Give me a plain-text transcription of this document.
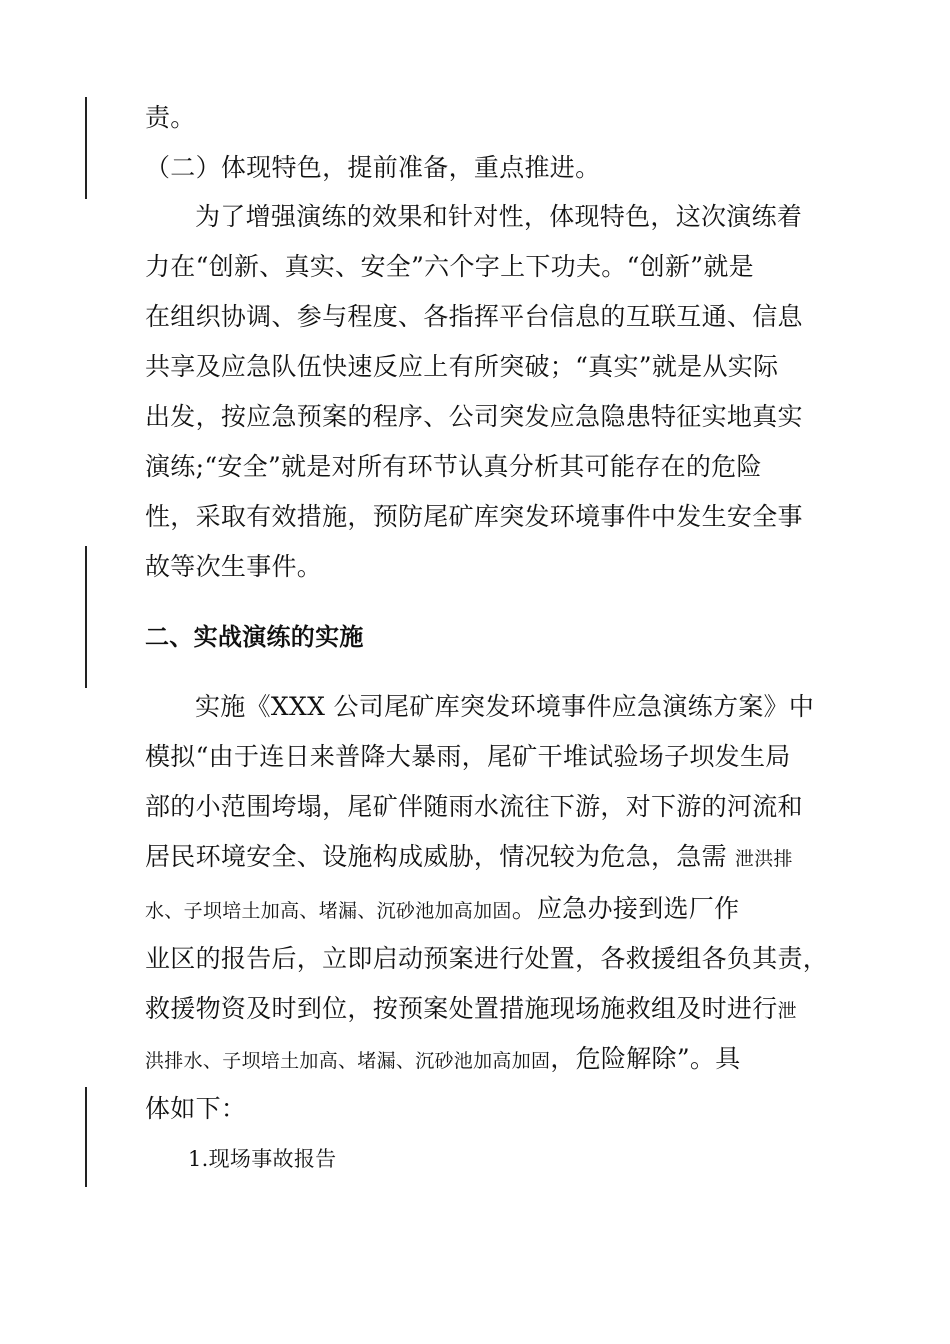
责。
（二）体现特色，提前准备，重点推进。
为了增强演练的效果和针对性，体现特色，这次演练着
力在“创新、真实、安全”六个字上下功夫。“创新”就是
在组织协调、参与程度、各指挥平台信息的互联互通、信息
共享及应急队伍快速反应上有所突破；“真实”就是从实际
出发，按应急预案的程序、公司突发应急隐患特征实地真实
演练;“安全”就是对所有环节认真分析其可能存在的危险
性，采取有效措施，预防尾矿库突发环境事件中发生安全事
故等次生事件。
二、实战演练的实施
实施《XXX 公司尾矿库突发环境事件应急演练方案》中
模拟“由于连日来普降大暴雨，尾矿干堆试验场子坝发生局
部的小范围垮塌，尾矿伴随雨水流往下游，对下游的河流和
居民环境安全、设施构成威胁，情况较为危急，急需 泄洪排
水、子坝培土加高、堵漏、沉砂池加高加固。应急办接到选厂作
业区的报告后，立即启动预案进行处置，各救援组各负其责，
救援物资及时到位，按预案处置措施现场施救组及时进行泄
洪排水、子坝培土加高、堵漏、沉砂池加高加固，危险解除”。具
体如下：
1.现场事故报告
